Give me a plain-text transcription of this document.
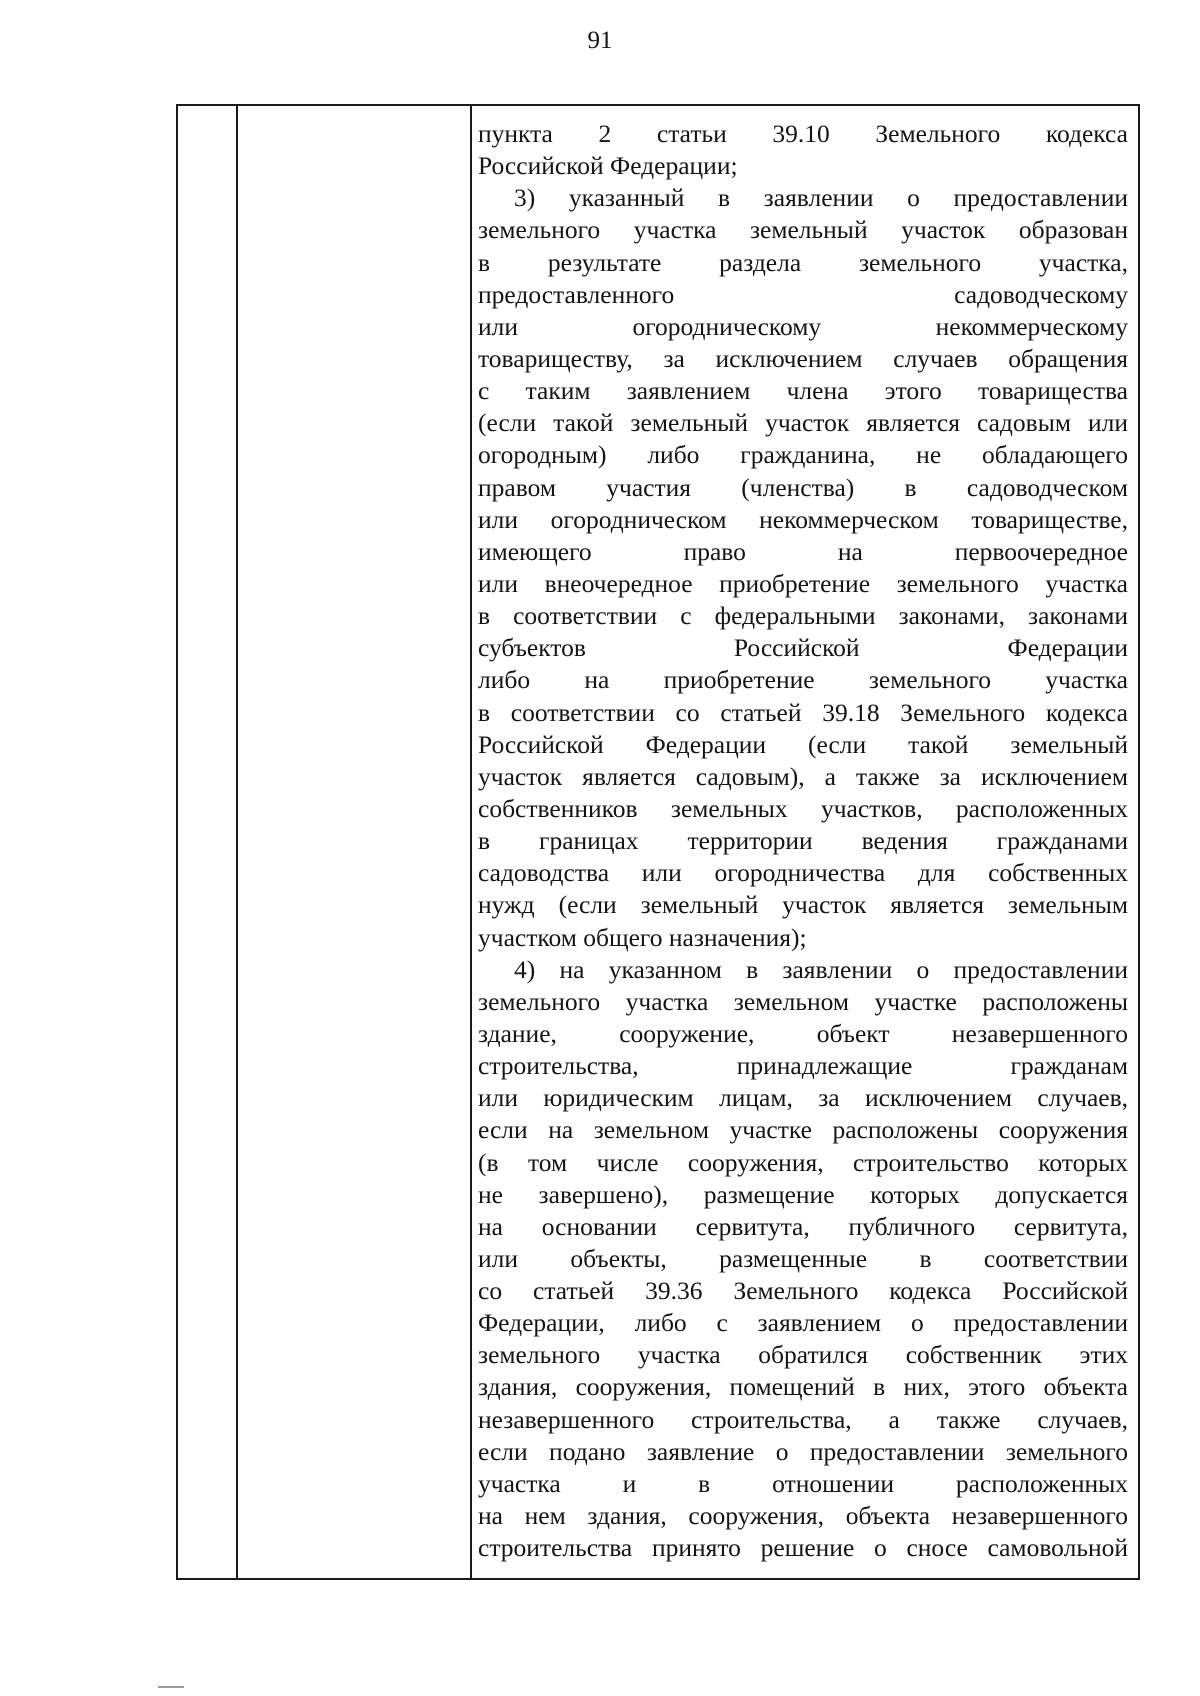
91
пункта 2 статьи 39.10 Земельного кодекса
Российской Федерации;
3) указанный в заявлении о предоставлении
земельного участка земельный участок образован
в результате раздела земельного участка,
предоставленного садоводческому
или огородническому некоммерческому
товариществу, за исключением случаев обращения
с таким заявлением члена этого товарищества
(если такой земельный участок является садовым или
огородным) либо гражданина, не обладающего
правом участия (членства) в садоводческом
или огородническом некоммерческом товариществе,
имеющего право на первоочередное
или внеочередное приобретение земельного участка
в соответствии с федеральными законами, законами
субъектов Российской Федерации
либо на приобретение земельного участка
в соответствии со статьей 39.18 Земельного кодекса
Российской Федерации (если такой земельный
участок является садовым), а также за исключением
собственников земельных участков, расположенных
в границах территории ведения гражданами
садоводства или огородничества для собственных
нужд (если земельный участок является земельным
участком общего назначения);
4) на указанном в заявлении о предоставлении
земельного участка земельном участке расположены
здание, сооружение, объект незавершенного
строительства, принадлежащие гражданам
или юридическим лицам, за исключением случаев,
если на земельном участке расположены сооружения
(в том числе сооружения, строительство которых
не завершено), размещение которых допускается
на основании сервитута, публичного сервитута,
или объекты, размещенные в соответствии
со статьей 39.36 Земельного кодекса Российской
Федерации, либо с заявлением о предоставлении
земельного участка обратился собственник этих
здания, сооружения, помещений в них, этого объекта
незавершенного строительства, а также случаев,
если подано заявление о предоставлении земельного
участка и в отношении расположенных
на нем здания, сооружения, объекта незавершенного
строительства принято решение о сносе самовольной
